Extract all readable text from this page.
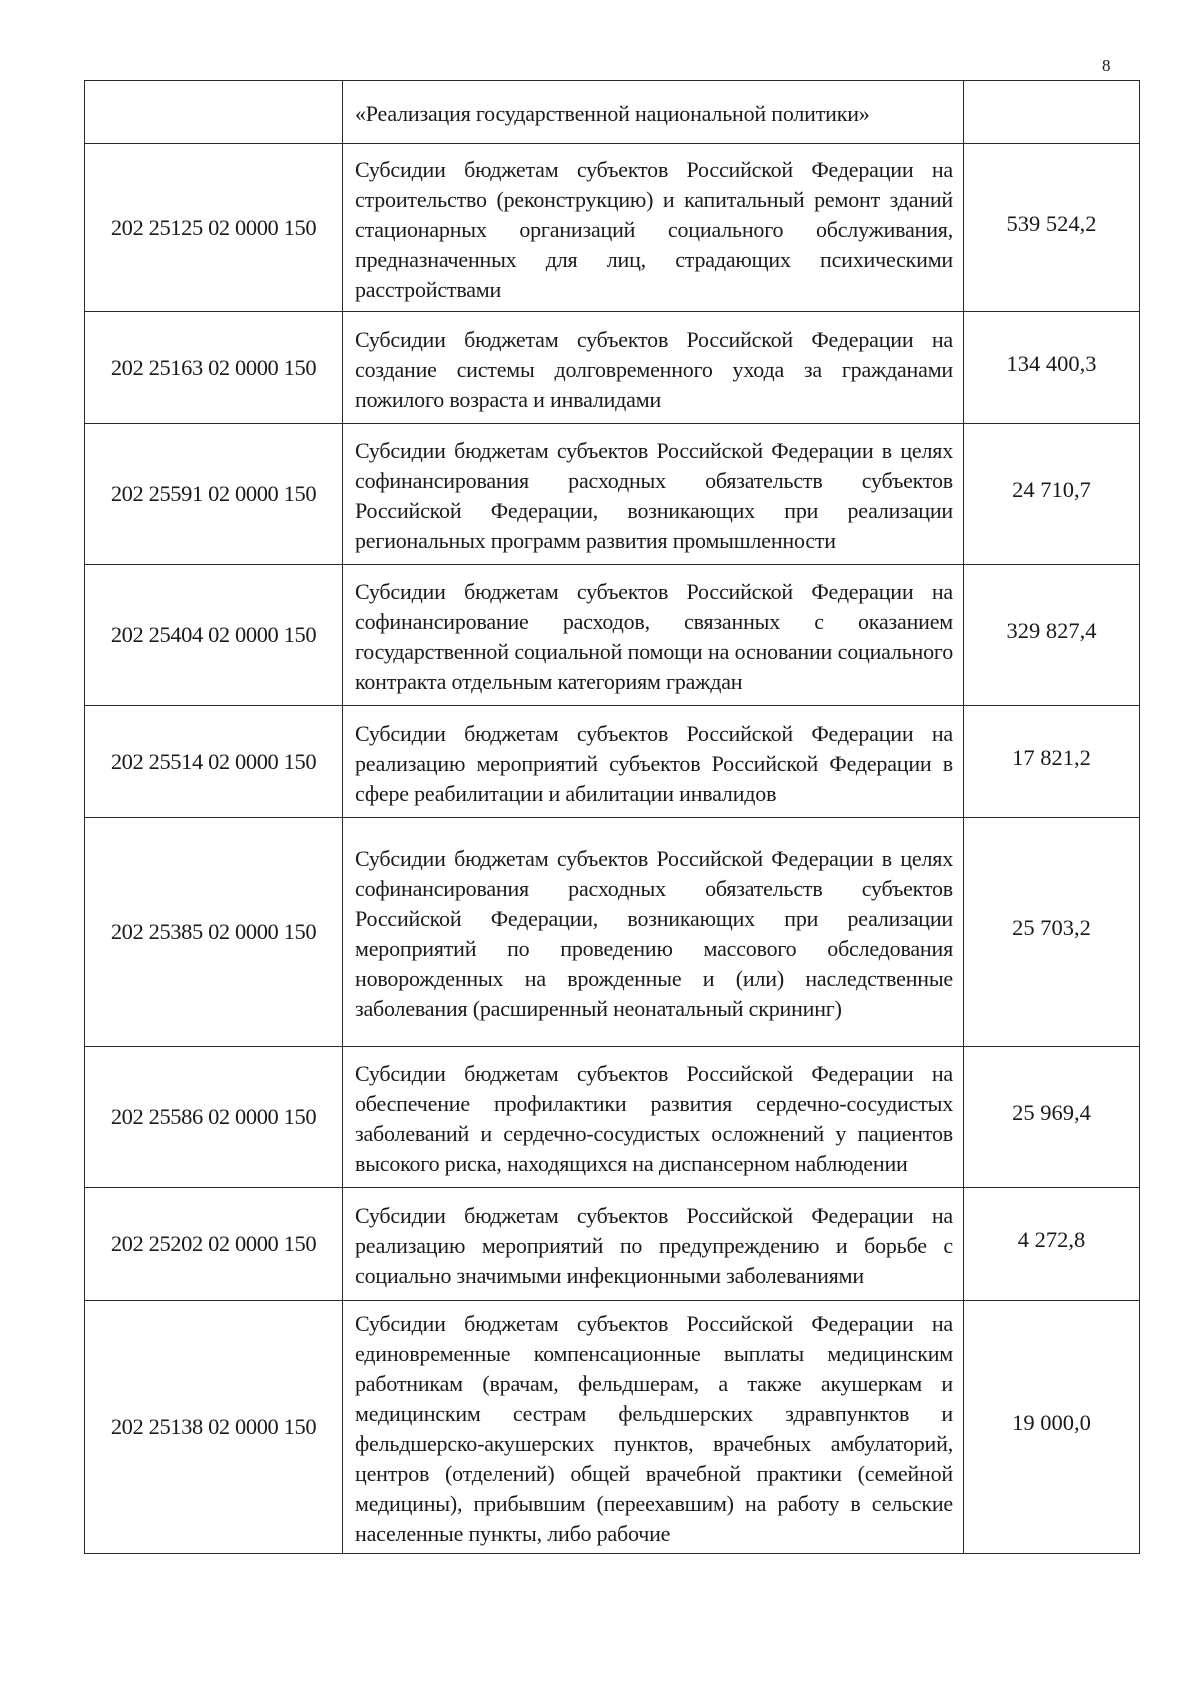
8

	«Реализация государственной национальной политики»	

202 25125 02 0000 150	Субсидии бюджетам субъектов Российской Федерации на строительство (реконструкцию) и капитальный ремонт зданий стационарных организаций социального обслуживания, предназначенных для лиц, страдающих психическими расстройствами	539 524,2
202 25163 02 0000 150	Субсидии бюджетам субъектов Российской Федерации на создание системы долговременного ухода за гражданами пожилого возраста и инвалидами	134 400,3
202 25591 02 0000 150	Субсидии бюджетам субъектов Российской Федерации в целях софинансирования расходных обязательств субъектов Российской Федерации, возникающих при реализации региональных программ развития промышленности	24 710,7
202 25404 02 0000 150	Субсидии бюджетам субъектов Российской Федерации на софинансирование расходов, связанных с оказанием государственной социальной помощи на основании социального контракта отдельным категориям граждан	329 827,4
202 25514 02 0000 150	Субсидии бюджетам субъектов Российской Федерации на реализацию мероприятий субъектов Российской Федерации в сфере реабилитации и абилитации инвалидов	17 821,2
202 25385 02 0000 150	Субсидии бюджетам субъектов Российской Федерации в целях софинансирования расходных обязательств субъектов Российской Федерации, возникающих при реализации мероприятий по проведению массового обследования новорожденных на врожденные и (или) наследственные заболевания (расширенный неонатальный скрининг)	25 703,2
202 25586 02 0000 150	Субсидии бюджетам субъектов Российской Федерации на обеспечение профилактики развития сердечно-сосудистых заболеваний и сердечно-сосудистых осложнений у пациентов высокого риска, находящихся на диспансерном наблюдении	25 969,4
202 25202 02 0000 150	Субсидии бюджетам субъектов Российской Федерации на реализацию мероприятий по предупреждению и борьбе с социально значимыми инфекционными заболеваниями	4 272,8
202 25138 02 0000 150	Субсидии бюджетам субъектов Российской Федерации на единовременные компенсационные выплаты медицинским работникам (врачам, фельдшерам, а также акушеркам и медицинским сестрам фельдшерских здравпунктов и фельдшерско-акушерских пунктов, врачебных амбулаторий, центров (отделений) общей врачебной практики (семейной медицины), прибывшим (переехавшим) на работу в сельские населенные пункты, либо рабочие	19 000,0
